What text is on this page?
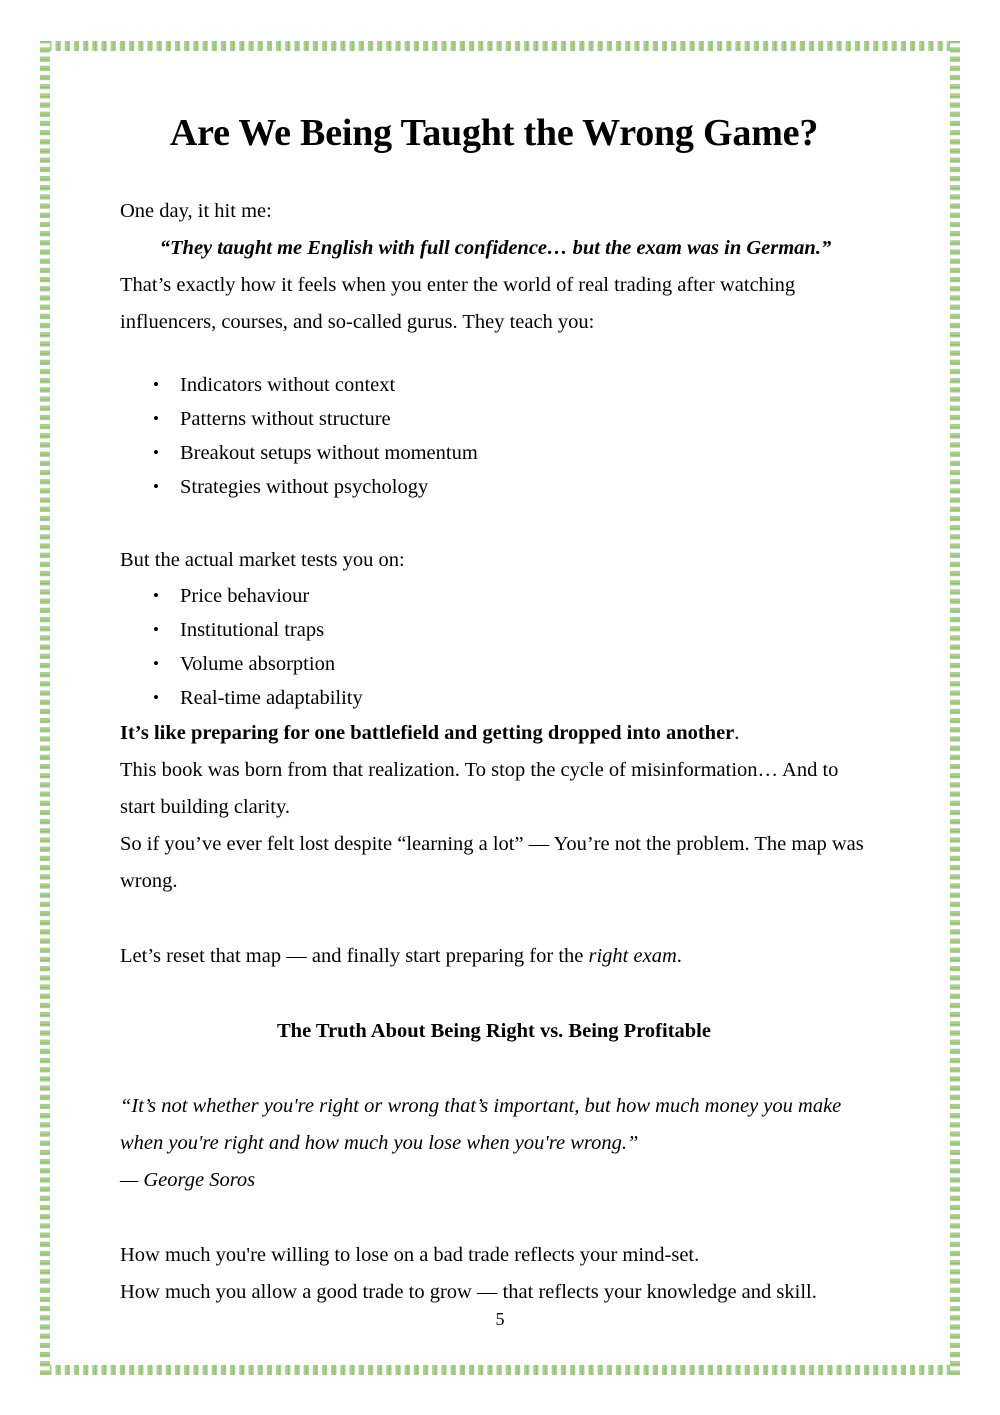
Are We Being Taught the Wrong Game?

One day, it hit me:

“They taught me English with full confidence… but the exam was in German.”

That’s exactly how it feels when you enter the world of real trading after watching influencers, courses, and so-called gurus. They teach you:

• Indicators without context
• Patterns without structure
• Breakout setups without momentum
• Strategies without psychology

But the actual market tests you on:

• Price behaviour
• Institutional traps
• Volume absorption
• Real-time adaptability

It’s like preparing for one battlefield and getting dropped into another.

This book was born from that realization. To stop the cycle of misinformation… And to start building clarity.

So if you’ve ever felt lost despite “learning a lot” — You’re not the problem. The map was wrong.

Let’s reset that map — and finally start preparing for the right exam.

The Truth About Being Right vs. Being Profitable

“It’s not whether you're right or wrong that’s important, but how much money you make when you're right and how much you lose when you're wrong.”

— George Soros

How much you're willing to lose on a bad trade reflects your mind-set.

How much you allow a good trade to grow — that reflects your knowledge and skill.

5
